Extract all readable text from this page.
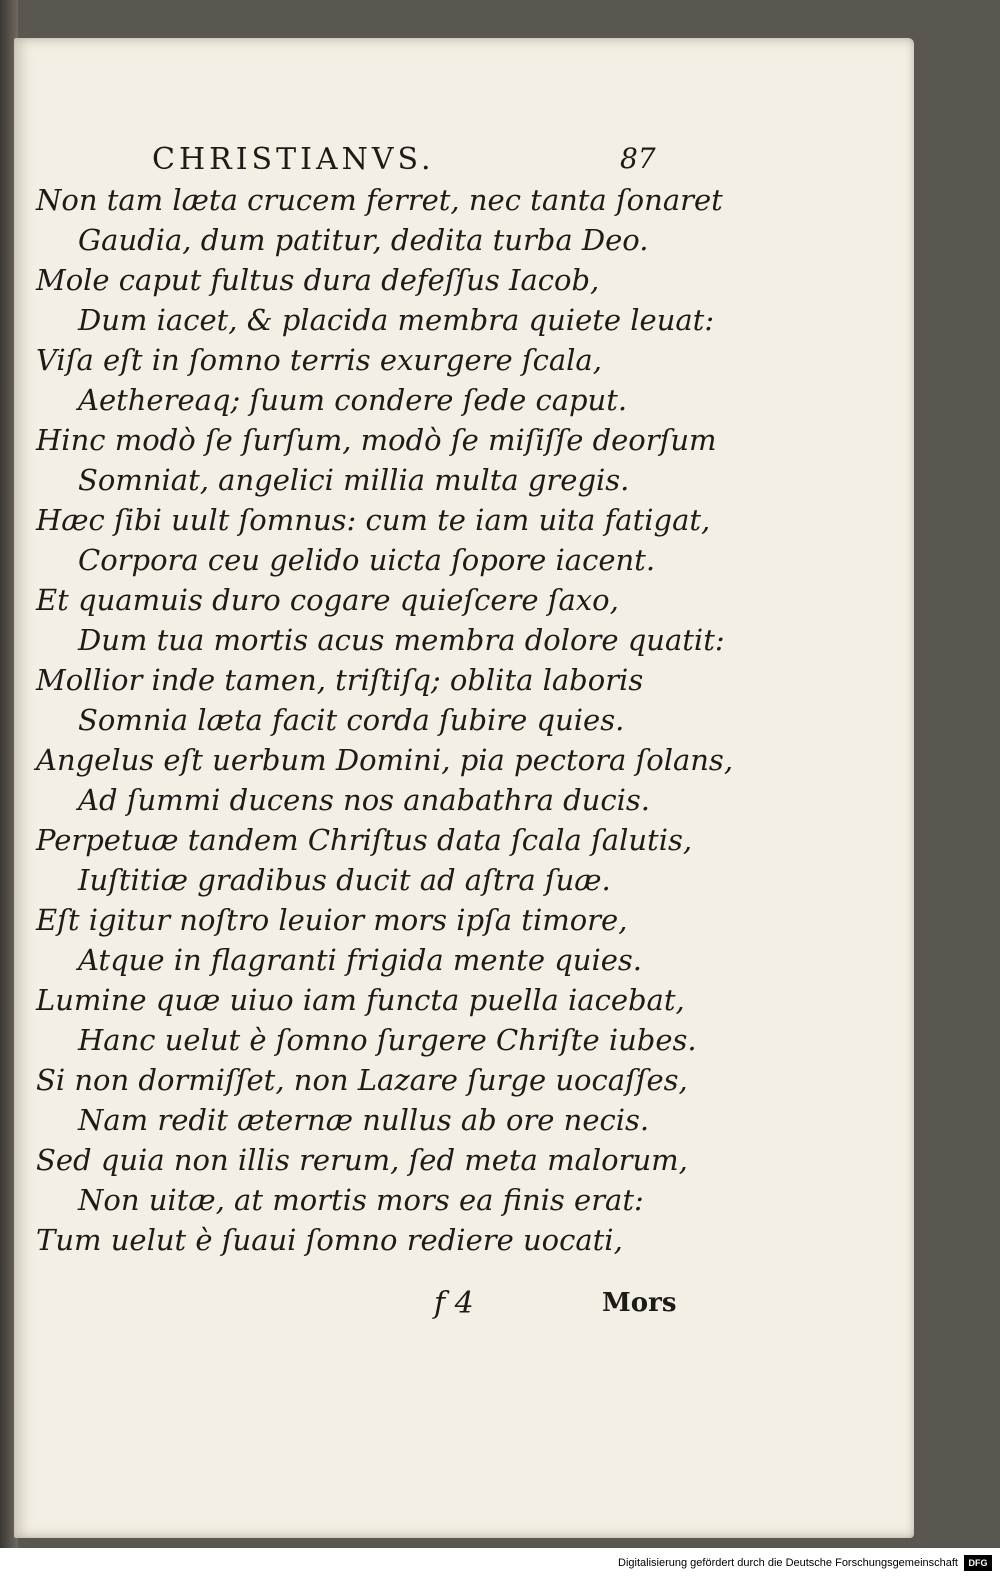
CHRISTIANVS.	87
Non tam læta crucem ferret, nec tanta ſonaret
Gaudia, dum patitur, dedita turba Deo.
Mole caput fultus dura defeſſus Iacob,
Dum iacet, & placida membra quiete leuat:
Viſa eſt in ſomno terris exurgere ſcala,
Aethereaq; ſuum condere ſede caput.
Hinc modò ſe ſurſum, modò ſe miſiſſe deorſum
Somniat, angelici millia multa gregis.
Hæc ſibi uult ſomnus: cum te iam uita fatigat,
Corpora ceu gelido uicta ſopore iacent.
Et quamuis duro cogare quieſcere ſaxo,
Dum tua mortis acus membra dolore quatit:
Mollior inde tamen, triſtiſq; oblita laboris
Somnia læta facit corda ſubire quies.
Angelus eſt uerbum Domini, pia pectora ſolans,
Ad ſummi ducens nos anabathra ducis.
Perpetuæ tandem Chriſtus data ſcala ſalutis,
Iuſtitiæ gradibus ducit ad aſtra ſuæ.
Eſt igitur noſtro leuior mors ipſa timore,
Atque in flagranti frigida mente quies.
Lumine quæ uiuo iam functa puella iacebat,
Hanc uelut è ſomno ſurgere Chriſte iubes.
Si non dormiſſet, non Lazare ſurge uocaſſes,
Nam redit æternæ nullus ab ore necis.
Sed quia non illis rerum, ſed meta malorum,
Non uitæ, at mortis mors ea finis erat:
Tum uelut è ſuaui ſomno rediere uocati,
f 4	Mors
Digitalisierung gefördert durch die Deutsche Forschungsgemeinschaft	DFG
